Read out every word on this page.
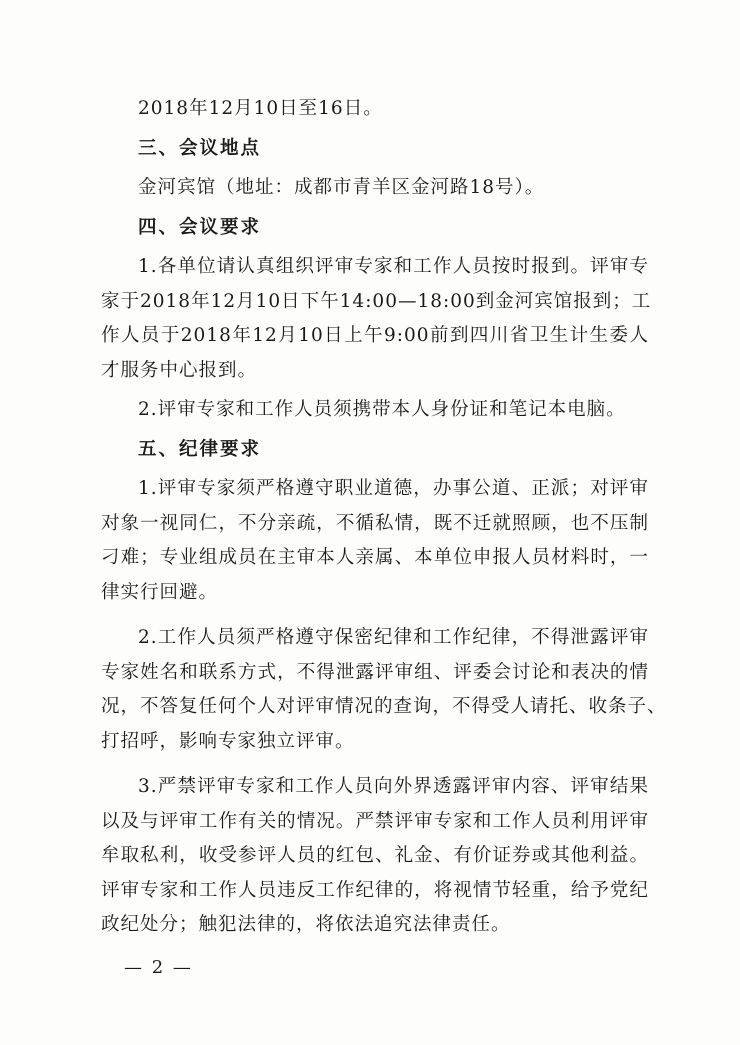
2018年12月10日至16日。
三、会议地点
金河宾馆（地址：成都市青羊区金河路18号）。
四、会议要求
1.各单位请认真组织评审专家和工作人员按时报到。评审专
家于2018年12月10日下午14:00—18:00到金河宾馆报到；工
作人员于2018年12月10日上午9:00前到四川省卫生计生委人
才服务中心报到。
2.评审专家和工作人员须携带本人身份证和笔记本电脑。
五、纪律要求
1.评审专家须严格遵守职业道德，办事公道、正派；对评审
对象一视同仁，不分亲疏，不循私情，既不迁就照顾，也不压制
刁难；专业组成员在主审本人亲属、本单位申报人员材料时，一
律实行回避。
2.工作人员须严格遵守保密纪律和工作纪律，不得泄露评审
专家姓名和联系方式，不得泄露评审组、评委会讨论和表决的情
况，不答复任何个人对评审情况的查询，不得受人请托、收条子、
打招呼，影响专家独立评审。
3.严禁评审专家和工作人员向外界透露评审内容、评审结果
以及与评审工作有关的情况。严禁评审专家和工作人员利用评审
牟取私利，收受参评人员的红包、礼金、有价证券或其他利益。
评审专家和工作人员违反工作纪律的，将视情节轻重，给予党纪
政纪处分；触犯法律的，将依法追究法律责任。
— 2 —
